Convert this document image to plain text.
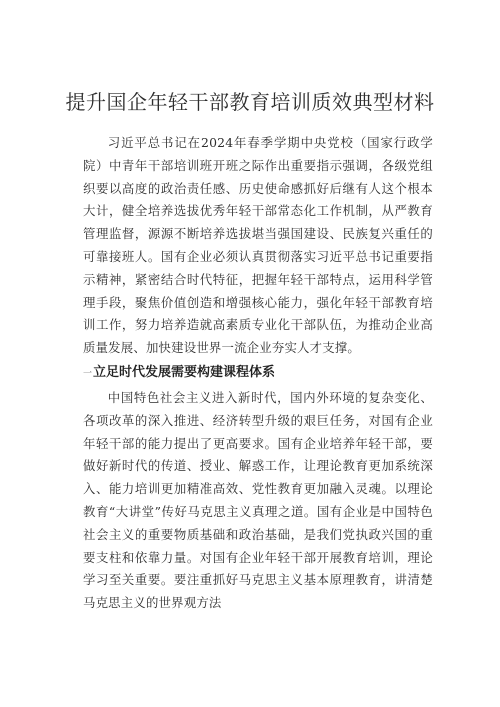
提升国企年轻干部教育培训质效典型材料

习近平总书记在2024年春季学期中央党校（国家行政学院）中青年干部培训班开班之际作出重要指示强调，各级党组织要以高度的政治责任感、历史使命感抓好后继有人这个根本大计，健全培养选拔优秀年轻干部常态化工作机制，从严教育管理监督，源源不断培养选拔堪当强国建设、民族复兴重任的可靠接班人。国有企业必须认真贯彻落实习近平总书记重要指示精神，紧密结合时代特征，把握年轻干部特点，运用科学管理手段，聚焦价值创造和增强核心能力，强化年轻干部教育培训工作，努力培养造就高素质专业化干部队伍，为推动企业高质量发展、加快建设世界一流企业夯实人才支撑。

一立足时代发展需要构建课程体系

中国特色社会主义进入新时代，国内外环境的复杂变化、各项改革的深入推进、经济转型升级的艰巨任务，对国有企业年轻干部的能力提出了更高要求。国有企业培养年轻干部，要做好新时代的传道、授业、解惑工作，让理论教育更加系统深入、能力培训更加精准高效、党性教育更加融入灵魂。以理论教育“大讲堂”传好马克思主义真理之道。国有企业是中国特色社会主义的重要物质基础和政治基础，是我们党执政兴国的重要支柱和依靠力量。对国有企业年轻干部开展教育培训，理论学习至关重要。要注重抓好马克思主义基本原理教育，讲清楚马克思主义的世界观方法
